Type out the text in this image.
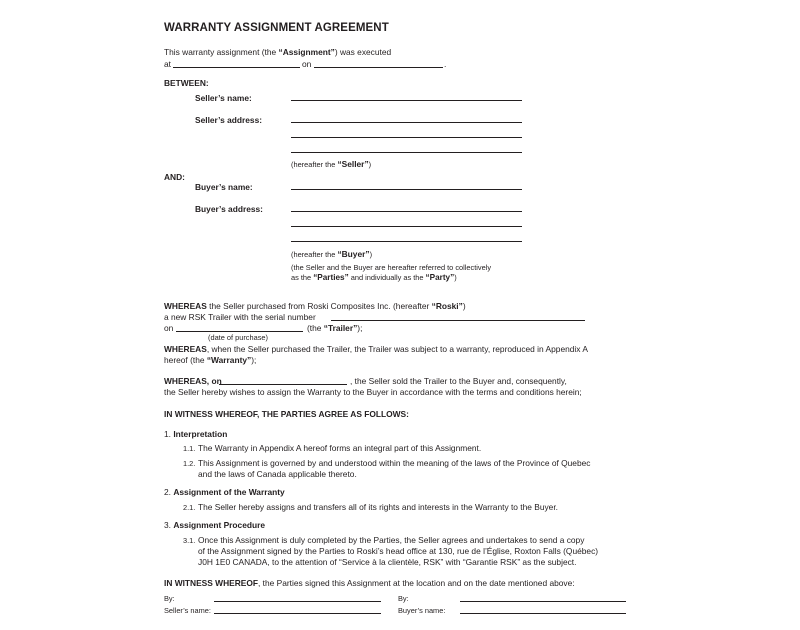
WARRANTY ASSIGNMENT AGREEMENT
This warranty assignment (the “Assignment”) was executed
at	on	.
BETWEEN:
Seller’s name:
Seller’s address:
(hereafter the “Seller”)
AND:
Buyer’s name:
Buyer’s address:
(hereafter the “Buyer”)
(the Seller and the Buyer are hereafter referred to collectively
as the “Parties” and individually as the “Party”)
WHEREAS the Seller purchased from Roski Composites Inc. (hereafter “Roski”)
a new RSK Trailer with the serial number
on	(the “Trailer”);
(date of purchase)
WHEREAS, when the Seller purchased the Trailer, the Trailer was subject to a warranty, reproduced in Appendix A
hereof (the “Warranty”);
WHEREAS, on	, the Seller sold the Trailer to the Buyer and, consequently,
the Seller hereby wishes to assign the Warranty to the Buyer in accordance with the terms and conditions herein;
IN WITNESS WHEREOF, THE PARTIES AGREE AS FOLLOWS:
1. Interpretation
1.1. The Warranty in Appendix A hereof forms an integral part of this Assignment.
1.2. This Assignment is governed by and understood within the meaning of the laws of the Province of Quebec
and the laws of Canada applicable thereto.
2. Assignment of the Warranty
2.1. The Seller hereby assigns and transfers all of its rights and interests in the Warranty to the Buyer.
3. Assignment Procedure
3.1. Once this Assignment is duly completed by the Parties, the Seller agrees and undertakes to send a copy
of the Assignment signed by the Parties to Roski’s head office at 130, rue de l’Église, Roxton Falls (Québec)
J0H 1E0 CANADA, to the attention of “Service à la clientèle, RSK” with “Garantie RSK” as the subject.
IN WITNESS WHEREOF, the Parties signed this Assignment at the location and on the date mentioned above:
By:	By:
Seller’s name:	Buyer’s name:
